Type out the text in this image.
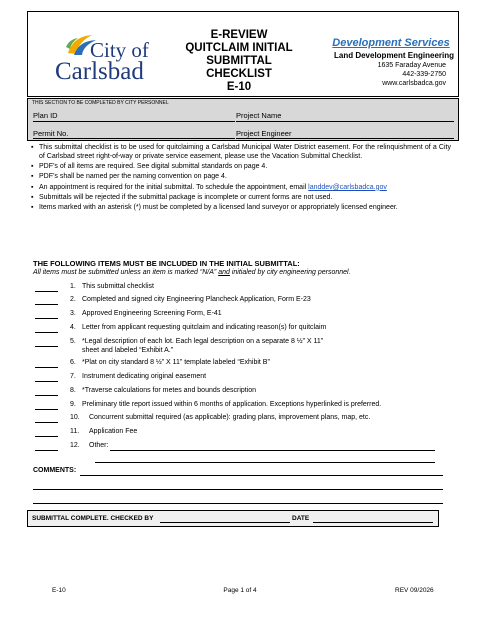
City of
Carlsbad
E-REVIEW
QUITCLAIM INITIAL
SUBMITTAL
CHECKLIST
E-10
Development Services
Land Development Engineering
1635 Faraday Avenue
442-339-2750
www.carlsbadca.gov
THIS SECTION TO BE COMPLETED BY CITY PERSONNEL
Plan ID	Project Name
Permit No.	Project Engineer
▪ This submittal checklist is to be used for quitclaiming a Carlsbad Municipal Water District easement. For the relinquishment of a City of Carlsbad street right-of-way or private service easement, please use the Vacation Submittal Checklist.
▪ PDF’s of all items are required. See digital submittal standards on page 4.
▪ PDF’s shall be named per the naming convention on page 4.
▪ An appointment is required for the initial submittal. To schedule the appointment, email landdev@carlsbadca.gov
▪ Submittals will be rejected if the submittal package is incomplete or current forms are not used.
▪ Items marked with an asterisk (*) must be completed by a licensed land surveyor or appropriately licensed engineer.
THE FOLLOWING ITEMS MUST BE INCLUDED IN THE INITIAL SUBMITTAL:
All items must be submitted unless an item is marked “N/A” and initialed by city engineering personnel.
1. This submittal checklist
2. Completed and signed city Engineering Plancheck Application, Form E-23
3. Approved Engineering Screening Form, E-41
4. Letter from applicant requesting quitclaim and indicating reason(s) for quitclaim
5. *Legal description of each lot. Each legal description on a separate 8 ½” X 11”
sheet and labeled “Exhibit A.”
6. *Plat on city standard 8 ½” X 11” template labeled “Exhibit B”
7. Instrument dedicating original easement
8. *Traverse calculations for metes and bounds description
9. Preliminary title report issued within 6 months of application. Exceptions hyperlinked is preferred.
10. Concurrent submittal required (as applicable): grading plans, improvement plans, map, etc.
11. Application Fee
12. Other:
COMMENTS:
SUBMITTAL COMPLETE. CHECKED BY	DATE
E-10	Page 1 of 4	REV 09/2026
